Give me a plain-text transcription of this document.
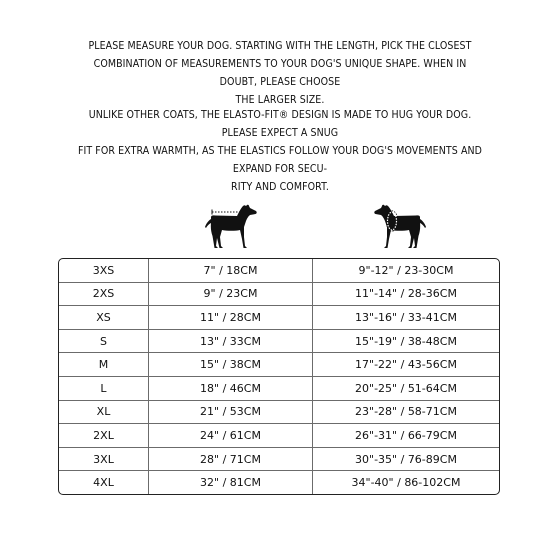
PLEASE MEASURE YOUR DOG. STARTING WITH THE LENGTH, PICK THE CLOSEST
COMBINATION OF MEASUREMENTS TO YOUR DOG'S UNIQUE SHAPE. WHEN IN DOUBT, PLEASE CHOOSE
THE LARGER SIZE.
UNLIKE OTHER COATS, THE ELASTO-FIT® DESIGN IS MADE TO HUG YOUR DOG. PLEASE EXPECT A SNUG
FIT FOR EXTRA WARMTH, AS THE ELASTICS FOLLOW YOUR DOG'S MOVEMENTS AND EXPAND FOR SECU-
RITY AND COMFORT.
3XS	7" / 18CM	9"-12" / 23-30CM
2XS	9" / 23CM	11"-14" / 28-36CM
XS	11" / 28CM	13"-16" / 33-41CM
S	13" / 33CM	15"-19" / 38-48CM
M	15" / 38CM	17"-22" / 43-56CM
L	18" / 46CM	20"-25" / 51-64CM
XL	21" / 53CM	23"-28" / 58-71CM
2XL	24" / 61CM	26"-31" / 66-79CM
3XL	28" / 71CM	30"-35" / 76-89CM
4XL	32" / 81CM	34"-40" / 86-102CM
